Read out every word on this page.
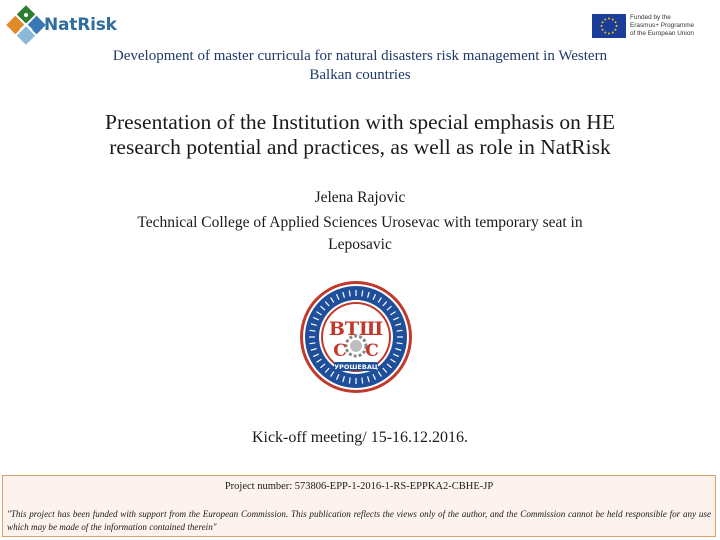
NatRisk	Funded by the
Erasmus+ Programme
of the European Union
Development of master curricula for natural disasters risk management in Western
Balkan countries
Presentation of the Institution with special emphasis on HE
research potential and practices, as well as role in NatRisk
Jelena Rajovic
Technical College of Applied Sciences Urosevac with temporary seat in
Leposavic
ВТШ
С С
УРОШЕВАЦ
Kick-off meeting/ 15-16.12.2016.
Project number: 573806-EPP-1-2016-1-RS-EPPKA2-CBHE-JP
"This project has been funded with support from the European Commission. This publication reflects the views only of the author, and the Commission cannot be held responsible for any use which may be made of the information contained therein"
